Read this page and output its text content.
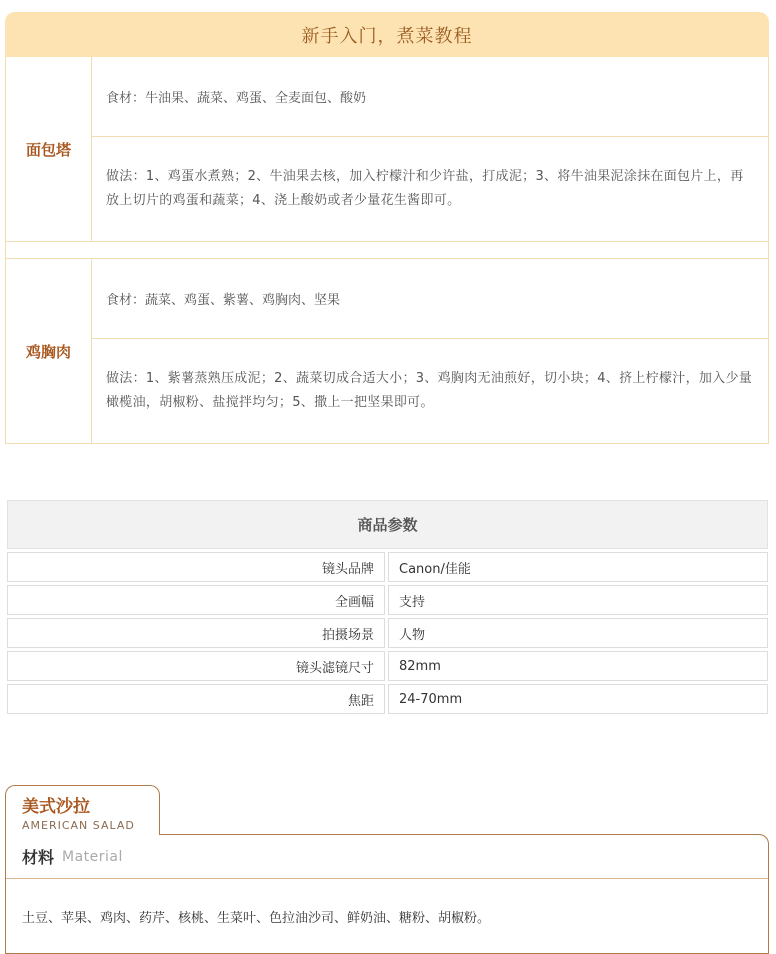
新手入门，煮菜教程
面包塔
食材：牛油果、蔬菜、鸡蛋、全麦面包、酸奶
做法：1、鸡蛋水煮熟；2、牛油果去核，加入柠檬汁和少许盐，打成泥；3、将牛油果泥涂抹在面包片上，再放上切片的鸡蛋和蔬菜；4、浇上酸奶或者少量花生酱即可。
鸡胸肉
食材：蔬菜、鸡蛋、紫薯、鸡胸肉、坚果
做法：1、紫薯蒸熟压成泥；2、蔬菜切成合适大小；3、鸡胸肉无油煎好，切小块；4、挤上柠檬汁，加入少量橄榄油，胡椒粉、盐搅拌均匀；5、撒上一把坚果即可。
商品参数
镜头品牌	Canon/佳能
全画幅	支持
拍摄场景	人物
镜头滤镜尺寸	82mm
焦距	24-70mm
美式沙拉
AMERICAN SALAD
材料 Material
土豆、苹果、鸡肉、药芹、核桃、生菜叶、色拉油沙司、鲜奶油、糖粉、胡椒粉。
